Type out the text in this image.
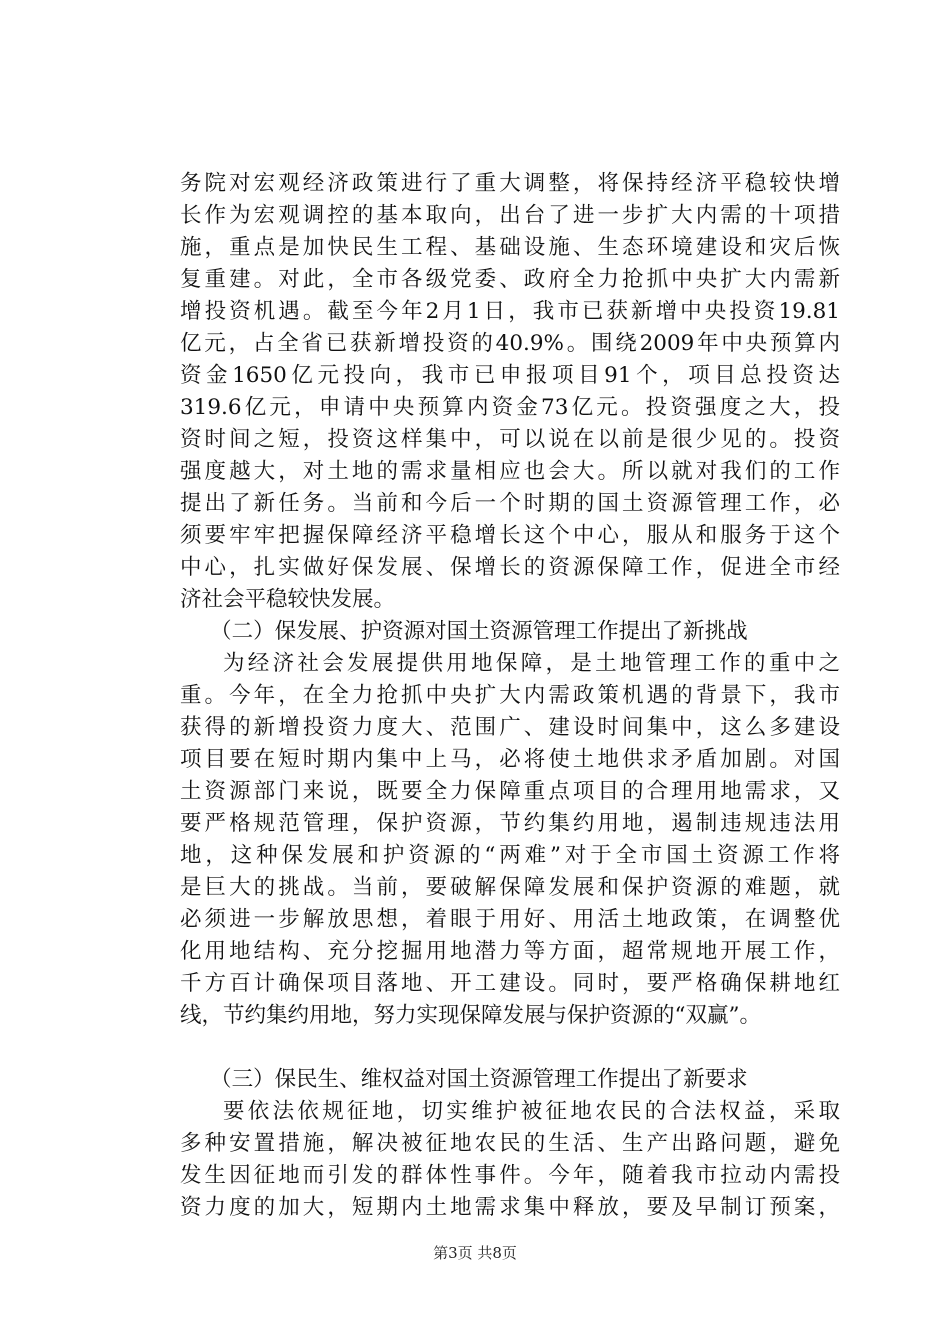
务院对宏观经济政策进行了重大调整，将保持经济平稳较快增
长作为宏观调控的基本取向，出台了进一步扩大内需的十项措
施，重点是加快民生工程、基础设施、生态环境建设和灾后恢
复重建。对此，全市各级党委、政府全力抢抓中央扩大内需新
增投资机遇。截至今年2月1日，我市已获新增中央投资19.81
亿元，占全省已获新增投资的40.9%。围绕2009年中央预算内
资金1650亿元投向，我市已申报项目91个，项目总投资达
319.6亿元，申请中央预算内资金73亿元。投资强度之大，投
资时间之短，投资这样集中，可以说在以前是很少见的。投资
强度越大，对土地的需求量相应也会大。所以就对我们的工作
提出了新任务。当前和今后一个时期的国土资源管理工作，必
须要牢牢把握保障经济平稳增长这个中心，服从和服务于这个
中心，扎实做好保发展、保增长的资源保障工作，促进全市经
济社会平稳较快发展。
（二）保发展、护资源对国土资源管理工作提出了新挑战
为经济社会发展提供用地保障，是土地管理工作的重中之
重。今年，在全力抢抓中央扩大内需政策机遇的背景下，我市
获得的新增投资力度大、范围广、建设时间集中，这么多建设
项目要在短时期内集中上马，必将使土地供求矛盾加剧。对国
土资源部门来说，既要全力保障重点项目的合理用地需求，又
要严格规范管理，保护资源，节约集约用地，遏制违规违法用
地，这种保发展和护资源的“两难”对于全市国土资源工作将
是巨大的挑战。当前，要破解保障发展和保护资源的难题，就
必须进一步解放思想，着眼于用好、用活土地政策，在调整优
化用地结构、充分挖掘用地潜力等方面，超常规地开展工作，
千方百计确保项目落地、开工建设。同时，要严格确保耕地红
线，节约集约用地，努力实现保障发展与保护资源的“双赢”。
（三）保民生、维权益对国土资源管理工作提出了新要求
要依法依规征地，切实维护被征地农民的合法权益，采取
多种安置措施，解决被征地农民的生活、生产出路问题，避免
发生因征地而引发的群体性事件。今年，随着我市拉动内需投
资力度的加大，短期内土地需求集中释放，要及早制订预案，
第3页 共8页
